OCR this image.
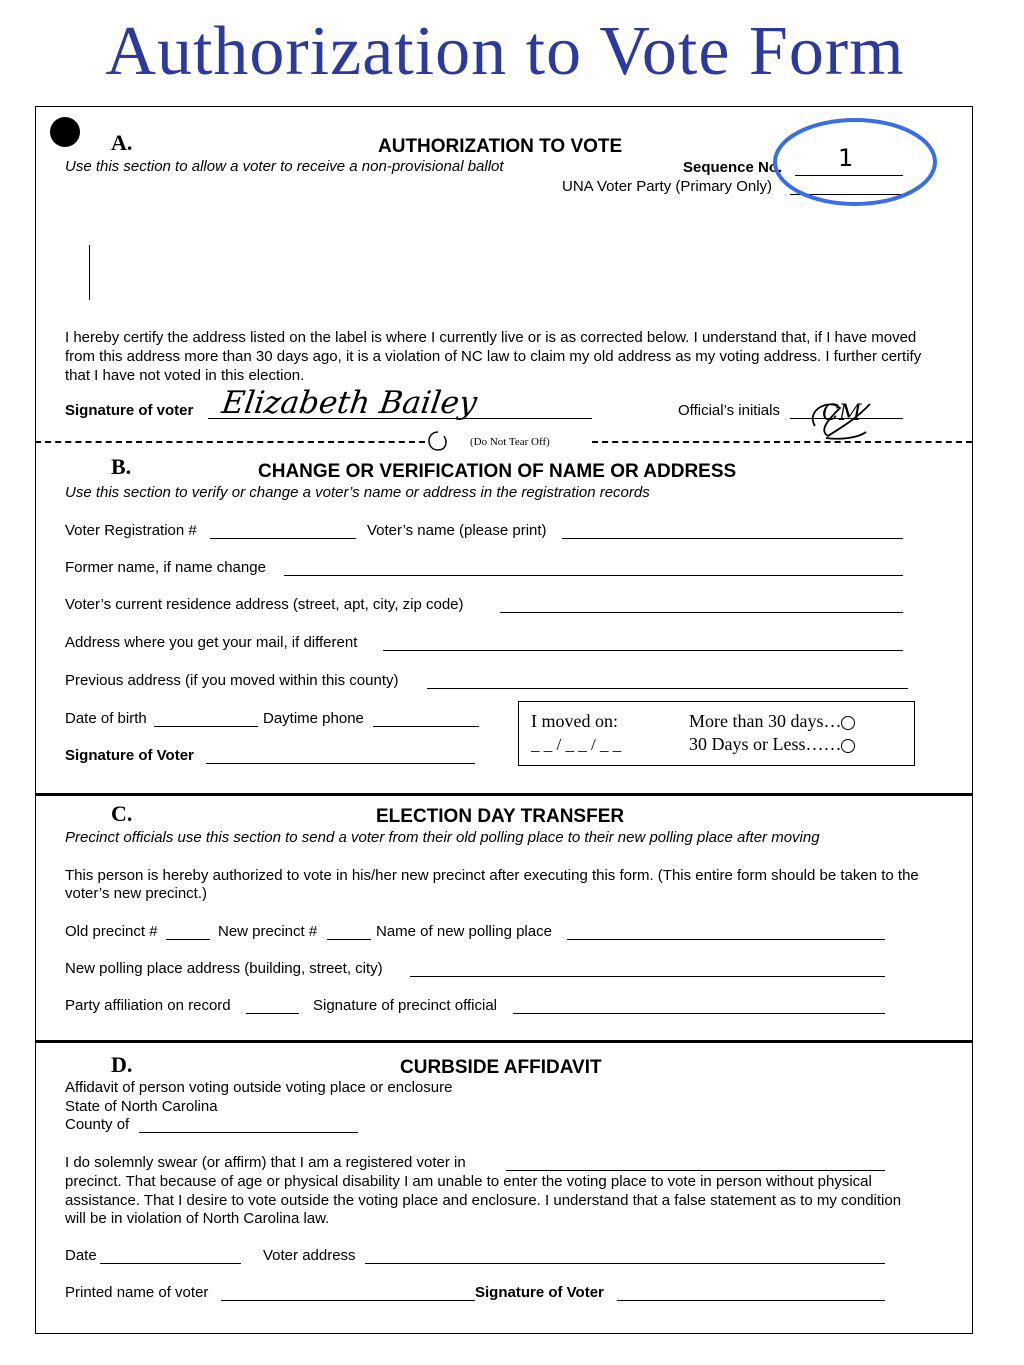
Authorization to Vote Form
A.	AUTHORIZATION TO VOTE
Use this section to allow a voter to receive a non-provisional ballot	Sequence No. 1
UNA Voter Party (Primary Only)
I hereby certify the address listed on the label is where I currently live or is as corrected below. I understand that, if I have moved from this address more than 30 days ago, it is a violation of NC law to claim my old address as my voting address. I further certify that I have not voted in this election.
Signature of voter Elizabeth Bailey	Official’s initials CM
(Do Not Tear Off)
B.	CHANGE OR VERIFICATION OF NAME OR ADDRESS
Use this section to verify or change a voter’s name or address in the registration records
Voter Registration #	Voter’s name (please print)
Former name, if name change
Voter’s current residence address (street, apt, city, zip code)
Address where you get your mail, if different
Previous address (if you moved within this county)
Date of birth	Daytime phone
Signature of Voter
I moved on:
_ _ / _ _ / _ _
More than 30 days…
30 Days or Less……
C.	ELECTION DAY TRANSFER
Precinct officials use this section to send a voter from their old polling place to their new polling place after moving
This person is hereby authorized to vote in his/her new precinct after executing this form. (This entire form should be taken to the voter’s new precinct.)
Old precinct #	New precinct #	Name of new polling place
New polling place address (building, street, city)
Party affiliation on record	Signature of precinct official
D.	CURBSIDE AFFIDAVIT
Affidavit of person voting outside voting place or enclosure
State of North Carolina
County of
I do solemnly swear (or affirm) that I am a registered voter in
precinct. That because of age or physical disability I am unable to enter the voting place to vote in person without physical assistance. That I desire to vote outside the voting place and enclosure. I understand that a false statement as to my condition will be in violation of North Carolina law.
Date	Voter address
Printed name of voter	Signature of Voter
